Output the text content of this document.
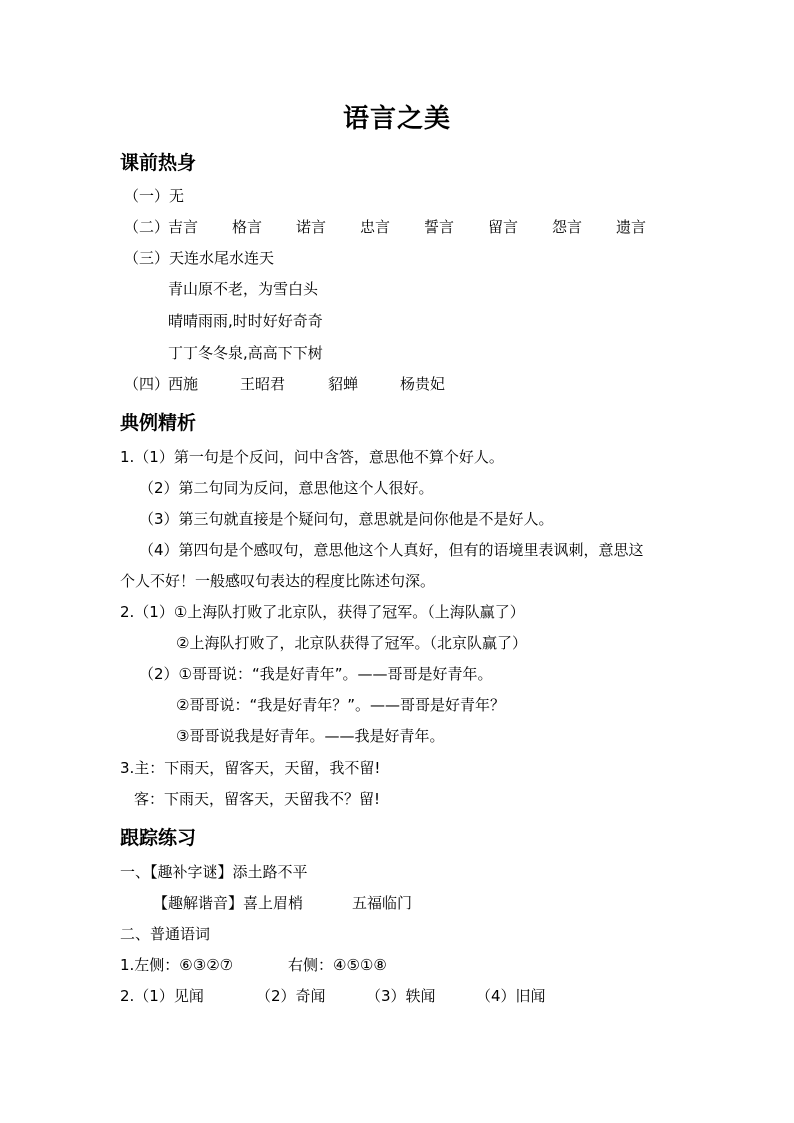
语言之美
课前热身
（一）无
（二）
吉言 格言 诺言 忠言 誓言 留言 怨言 遗言
（三）天连水尾水连天
青山原不老，为雪白头
晴晴雨雨,时时好好奇奇
丁丁冬冬泉,高高下下树
（四）
西施	王昭君	貂蝉	杨贵妃
典例精析
1.（1）第一句是个反问，问中含答，意思他不算个好人。
（2）第二句同为反问，意思他这个人很好。
（3）第三句就直接是个疑问句，意思就是问你他是不是好人。
（4）第四句是个感叹句，意思他这个人真好，但有的语境里表讽刺，意思这
个人不好！一般感叹句表达的程度比陈述句深。
2.（1）①上海队打败了北京队，获得了冠军。（上海队赢了）
②上海队打败了，北京队获得了冠军。（北京队赢了）
（2）①哥哥说：“我是好青年”。——哥哥是好青年。
②哥哥说：“我是好青年？”。——哥哥是好青年？
③哥哥说我是好青年。——我是好青年。
3.主：下雨天，留客天，天留，我不留!
客：下雨天，留客天，天留我不？留!
跟踪练习
一、【趣补字谜】添土路不平
【趣解谐音】喜上眉梢	五福临门
二、普通语词
1.左侧：⑥③②⑦	右侧：④⑤①⑧
2.（1）见闻	（2）奇闻	（3）轶闻	（4）旧闻
